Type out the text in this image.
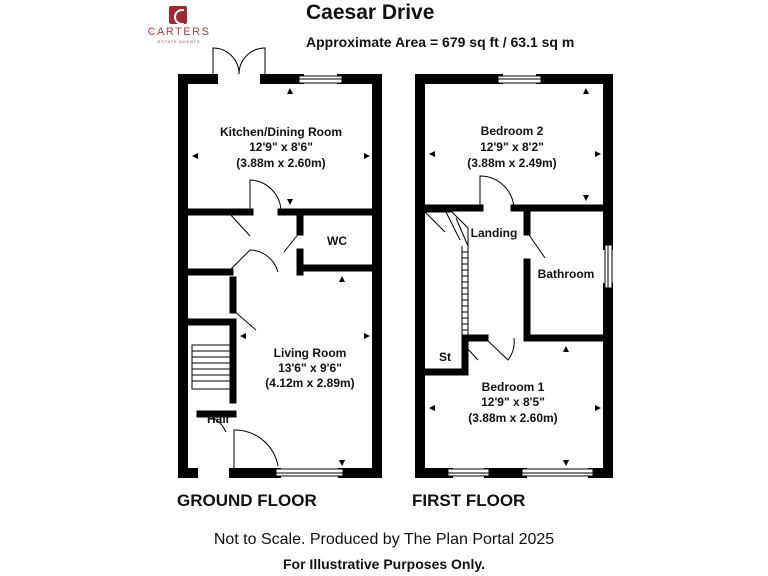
CARTERS
ESTATE AGENTS
Caesar Drive
Approximate Area = 679 sq ft / 63.1 sq m
Kitchen/Dining Room
12'9" x 8'6"
(3.88m x 2.60m)
WC
Living Room
13'6" x 9'6"
(4.12m x 2.89m)
Hall
Bedroom 2
12'9" x 8'2"
(3.88m x 2.49m)
Landing
Bathroom
St
Bedroom 1
12'9" x 8'5"
(3.88m x 2.60m)
GROUND FLOOR	FIRST FLOOR
Not to Scale. Produced by The Plan Portal 2025
For Illustrative Purposes Only.
